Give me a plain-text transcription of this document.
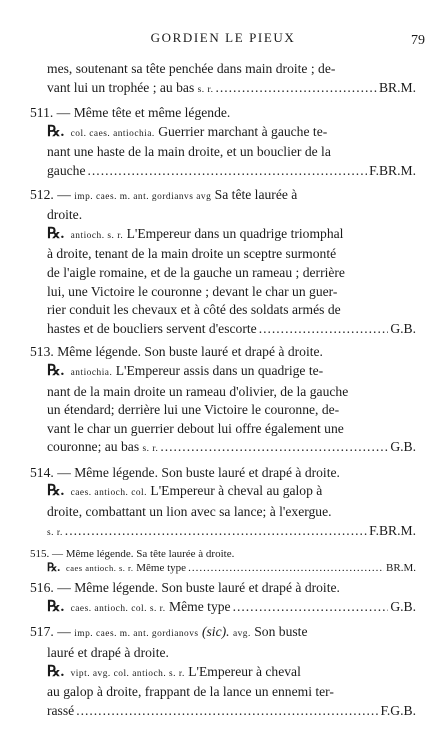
GORDIEN LE PIEUX	79
mes, soutenant sa tête penchée dans main droite ; de-
vant lui un trophée ; au bas s. r. .....	BR.M.
511. — Même tête et même légende.
℞. col. caes. antiochia. Guerrier marchant à gauche te-
nant une haste de la main droite, et un bouclier de la
gauche .....	F.BR.M.
512. — imp. caes. m. ant. gordianvs avg Sa tête laurée à
droite.
℞. antioch. s. r. L'Empereur dans un quadrige triomphal
à droite, tenant de la main droite un sceptre surmonté
de l'aigle romaine, et de la gauche un rameau ; derrière
lui, une Victoire le couronne ; devant le char un guer-
rier conduit les chevaux et à côté des soldats armés de
hastes et de boucliers servent d'escorte .....	G.B.
513. Même légende. Son buste lauré et drapé à droite.
℞. antiochia. L'Empereur assis dans un quadrige te-
nant de la main droite un rameau d'olivier, de la gauche
un étendard; derrière lui une Victoire le couronne, de-
vant le char un guerrier debout lui offre également une
couronne; au bas s. r. .....	G.B.
514. — Même légende. Son buste lauré et drapé à droite.
℞. caes. antioch. col. L'Empereur à cheval au galop à
droite, combattant un lion avec sa lance; à l'exergue.
s. r. .....	F.BR.M.
515. — Même légende. Sa tête laurée à droite.
℞. caes antioch. s. r. Même type .....	BR.M.
516. — Même légende. Son buste lauré et drapé à droite.
℞. caes. antioch. col. s. r. Même type .....	G.B.
517. — imp. caes. m. ant. gordianovs (sic). avg. Son buste
lauré et drapé à droite.
℞. vipt. avg. col. antioch. s. r. L'Empereur à cheval
au galop à droite, frappant de la lance un ennemi ter-
rassé .....	F.G.B.
